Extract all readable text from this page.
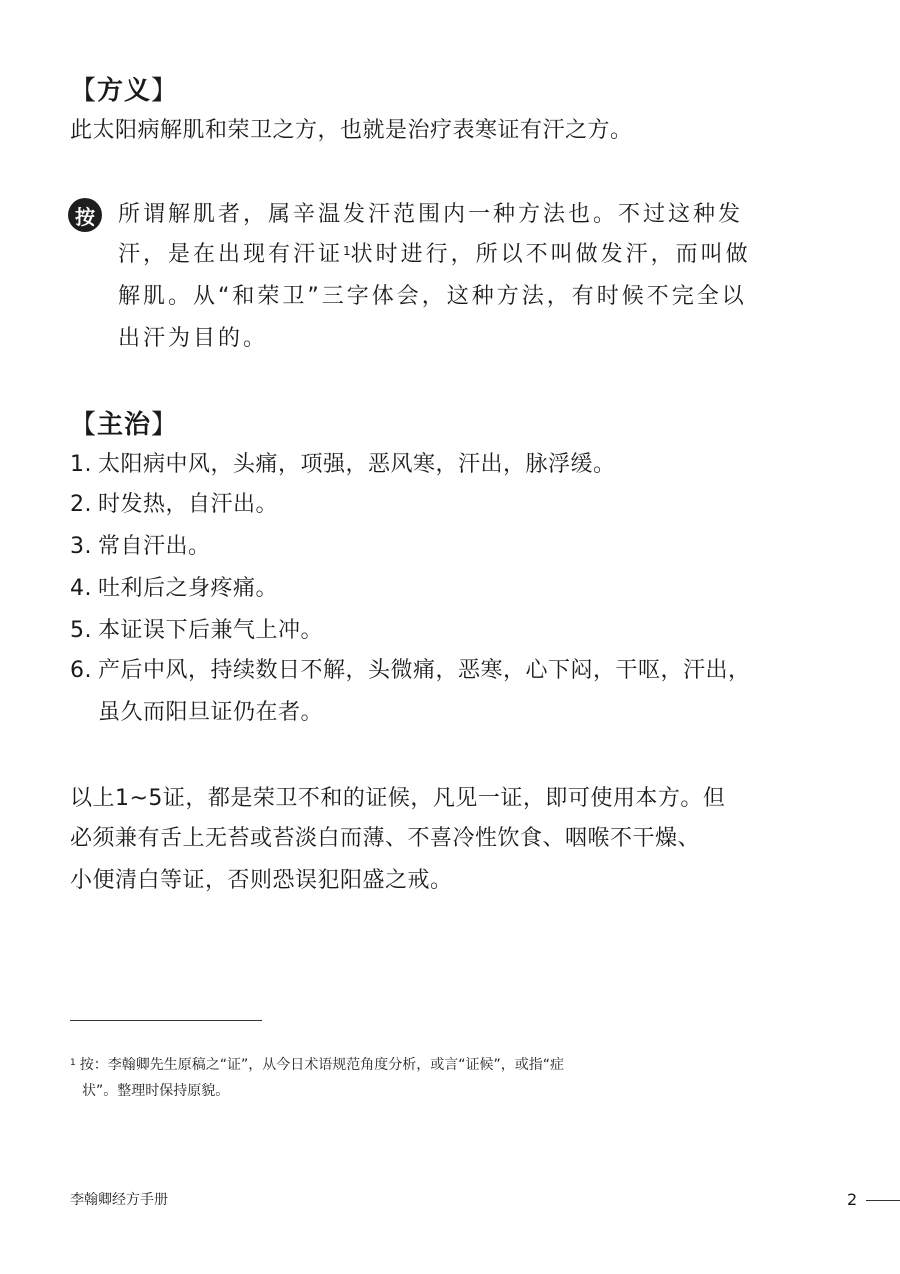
【方义】
此太阳病解肌和荣卫之方，也就是治疗表寒证有汗之方。
按	所谓解肌者，属辛温发汗范围内一种方法也。不过这种发
汗，是在出现有汗证$^1$状时进行，所以不叫做发汗，而叫做
解肌。从“和荣卫”三字体会，这种方法，有时候不完全以
出汗为目的。
【主治】
1. 太阳病中风，头痛，项强，恶风寒，汗出，脉浮缓。
2. 时发热，自汗出。
3. 常自汗出。
4. 吐利后之身疼痛。
5. 本证误下后兼气上冲。
6. 产后中风，持续数日不解，头微痛，恶寒，心下闷，干呕，汗出，
虽久而阳旦证仍在者。
以上1~5证，都是荣卫不和的证候，凡见一证，即可使用本方。但
必须兼有舌上无苔或苔淡白而薄、不喜冷性饮食、咽喉不干燥、
小便清白等证，否则恐误犯阳盛之戒。
$^1$ 按：李翰卿先生原稿之“证”，从今日术语规范角度分析，或言“证候”，或指“症
状”。整理时保持原貌。
李翰卿经方手册	2
